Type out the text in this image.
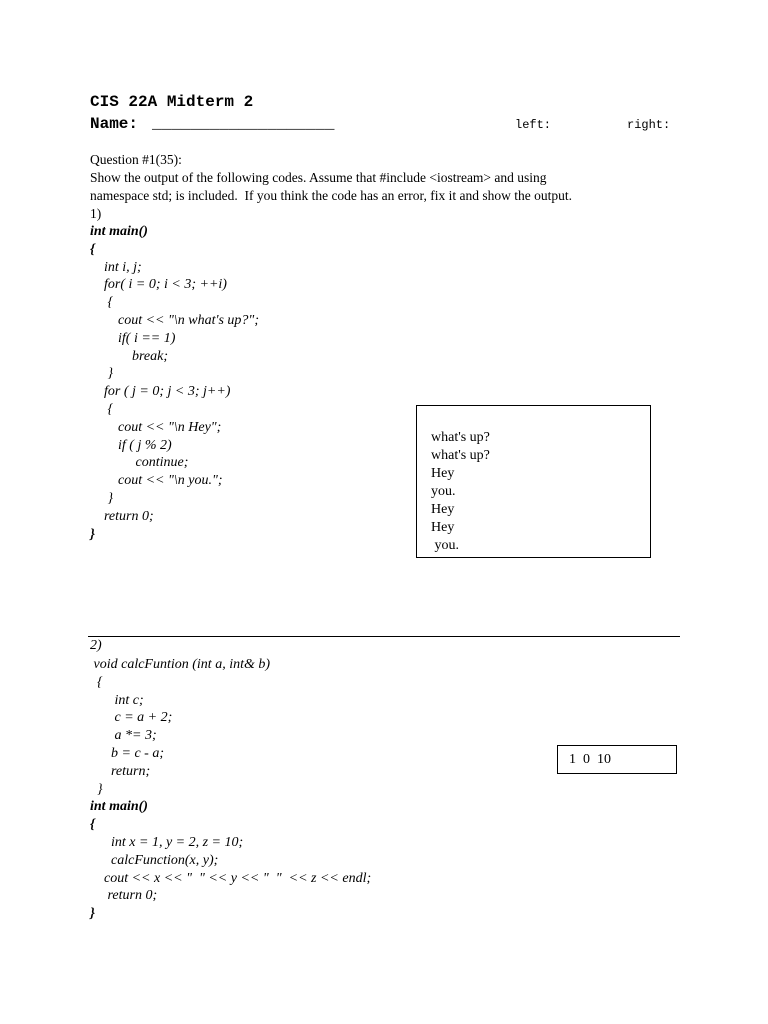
CIS 22A Midterm 2
Name: ___________________	left:	right:
Question #1(35):
Show the output of the following codes. Assume that #include <iostream> and using
namespace std; is included.  If you think the code has an error, fix it and show the output.
1)
int main()
{
int i, j;
for( i = 0; i < 3; ++i)
{
cout << "\n what's up?";
if( i == 1)
break;
}
for ( j = 0; j < 3; j++)
{
cout << "\n Hey";
if ( j % 2)
continue;
cout << "\n you.";
}
return 0;
}
what's up?
what's up?
Hey
you.
Hey
Hey
you.
2)
void calcFuntion (int a, int& b)
{
int c;
c = a + 2;
a *= 3;
b = c - a;
return;
}
int main()
{
int x = 1, y = 2, z = 10;
calcFunction(x, y);
cout << x << "  " << y << "  "  << z << endl;
return 0;
}
1  0  10
